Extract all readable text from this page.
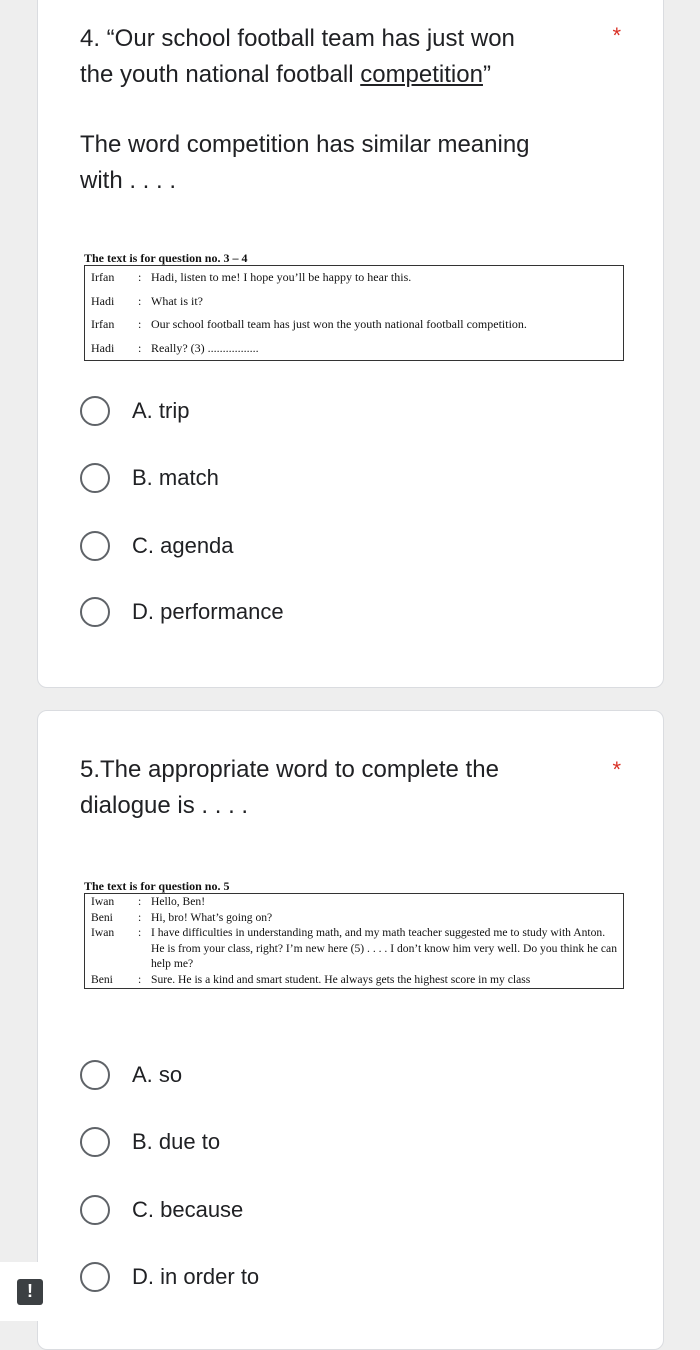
4. “Our school football team has just won
the youth national football competition”
*
The word competition has similar meaning
with . . . .
The text is for question no. 3 – 4
Irfan	:	Hadi, listen to me! I hope you’ll be happy to hear this.
Hadi	:	What is it?
Irfan	:	Our school football team has just won the youth national football competition.
Hadi	:	Really? (3) .................
A. trip
B. match
C. agenda
D. performance
5.The appropriate word to complete the
dialogue is . . . .
*
The text is for question no. 5
Iwan	:	Hello, Ben!
Beni	:	Hi, bro! What’s going on?
Iwan	:	I have difficulties in understanding math, and my math teacher suggested me to study with Anton. He is from your class, right? I’m new here (5) . . . . I don’t know him very well. Do you think he can help me?
Beni	:	Sure. He is a kind and smart student. He always gets the highest score in my class
A. so
B. due to
C. because
D. in order to
!
